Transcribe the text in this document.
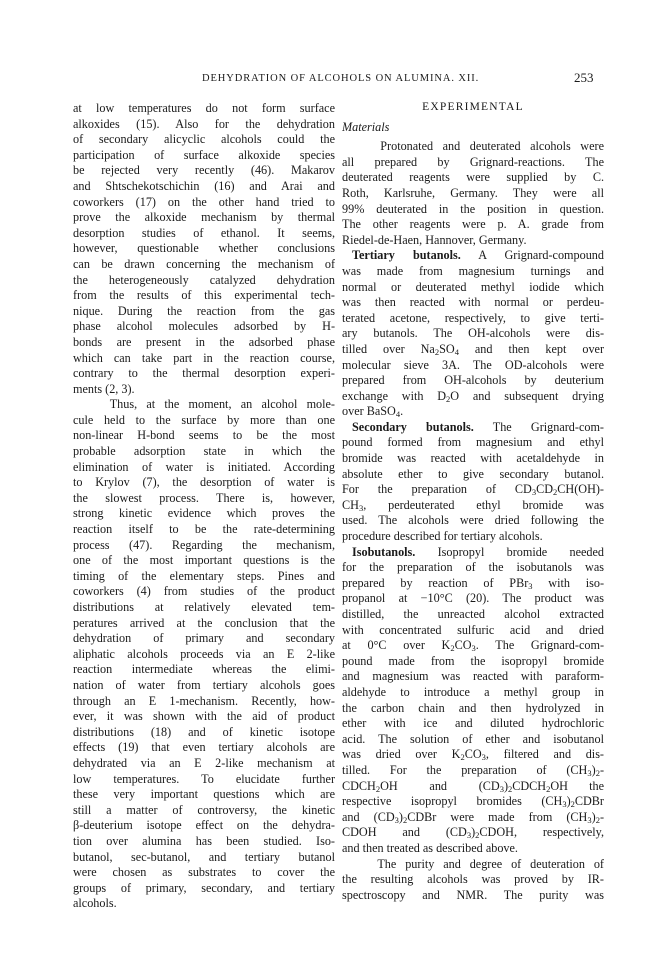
DEHYDRATION OF ALCOHOLS ON ALUMINA. XII.	253
at low temperatures do not form surface
alkoxides (15). Also for the dehydration
of secondary alicyclic alcohols could the
participation of surface alkoxide species
be rejected very recently (46). Makarov
and Shtschekotschichin (16) and Arai and
coworkers (17) on the other hand tried to
prove the alkoxide mechanism by thermal
desorption studies of ethanol. It seems,
however, questionable whether conclusions
can be drawn concerning the mechanism of
the heterogeneously catalyzed dehydration
from the results of this experimental tech-
nique. During the reaction from the gas
phase alcohol molecules adsorbed by H-
bonds are present in the adsorbed phase
which can take part in the reaction course,
contrary to the thermal desorption experi-
ments (2, 3).
Thus, at the moment, an alcohol mole-
cule held to the surface by more than one
non-linear H-bond seems to be the most
probable adsorption state in which the
elimination of water is initiated. According
to Krylov (7), the desorption of water is
the slowest process. There is, however,
strong kinetic evidence which proves the
reaction itself to be the rate-determining
process (47). Regarding the mechanism,
one of the most important questions is the
timing of the elementary steps. Pines and
coworkers (4) from studies of the product
distributions at relatively elevated tem-
peratures arrived at the conclusion that the
dehydration of primary and secondary
aliphatic alcohols proceeds via an E 2-like
reaction intermediate whereas the elimi-
nation of water from tertiary alcohols goes
through an E 1-mechanism. Recently, how-
ever, it was shown with the aid of product
distributions (18) and of kinetic isotope
effects (19) that even tertiary alcohols are
dehydrated via an E 2-like mechanism at
low temperatures. To elucidate further
these very important questions which are
still a matter of controversy, the kinetic
β-deuterium isotope effect on the dehydra-
tion over alumina has been studied. Iso-
butanol, sec-butanol, and tertiary butanol
were chosen as substrates to cover the
groups of primary, secondary, and tertiary
alcohols.
EXPERIMENTAL
Materials
Protonated and deuterated alcohols were
all prepared by Grignard-reactions. The
deuterated reagents were supplied by C.
Roth, Karlsruhe, Germany. They were all
99% deuterated in the position in question.
The other reagents were p. A. grade from
Riedel-de-Haen, Hannover, Germany.
Tertiary butanols. A Grignard-compound
was made from magnesium turnings and
normal or deuterated methyl iodide which
was then reacted with normal or perdeu-
terated acetone, respectively, to give terti-
ary butanols. The OH-alcohols were dis-
tilled over $Na_2SO_4$ and then kept over
molecular sieve 3A. The OD-alcohols were
prepared from OH-alcohols by deuterium
exchange with $D_2O$ and subsequent drying
over BaSO$_4$.
Secondary butanols. The Grignard-com-
pound formed from magnesium and ethyl
bromide was reacted with acetaldehyde in
absolute ether to give secondary butanol.
For the preparation of $CD_3CD_2CH(OH)-$
$CH_3$,  perdeuterated  ethyl  bromide  was
used. The alcohols were dried following the
procedure described for tertiary alcohols.
Isobutanols. Isopropyl bromide needed
for the preparation of the isobutanols was
prepared by reaction of PBr$_3$ with iso-
propanol at −10°C (20). The product was
distilled, the unreacted alcohol extracted
with concentrated sulfuric acid and dried
at 0°C over $K_2CO_3$. The Grignard-com-
pound made from the isopropyl bromide
and magnesium was reacted with paraform-
aldehyde to introduce a methyl group in
the carbon chain and then hydrolyzed in
ether with ice and diluted hydrochloric
acid. The solution of ether and isobutanol
was dried over $K_2CO_3$, filtered and dis-
tilled.  For  the  preparation  of  $(CH_3)_2-$
$CDCH_2OH$   and   $(CD_3)_2CDCH_2OH$  the
respective isopropyl bromides $(CH_3)_2CDBr$
and $(CD_3)_2CDBr$ were made from $(CH_3)_2-$
CDOH  and  $(CD_3)_2CDOH$,  respectively,
and then treated as described above.
The purity and degree of deuteration of
the resulting alcohols was proved by IR-
spectroscopy and NMR. The purity was
